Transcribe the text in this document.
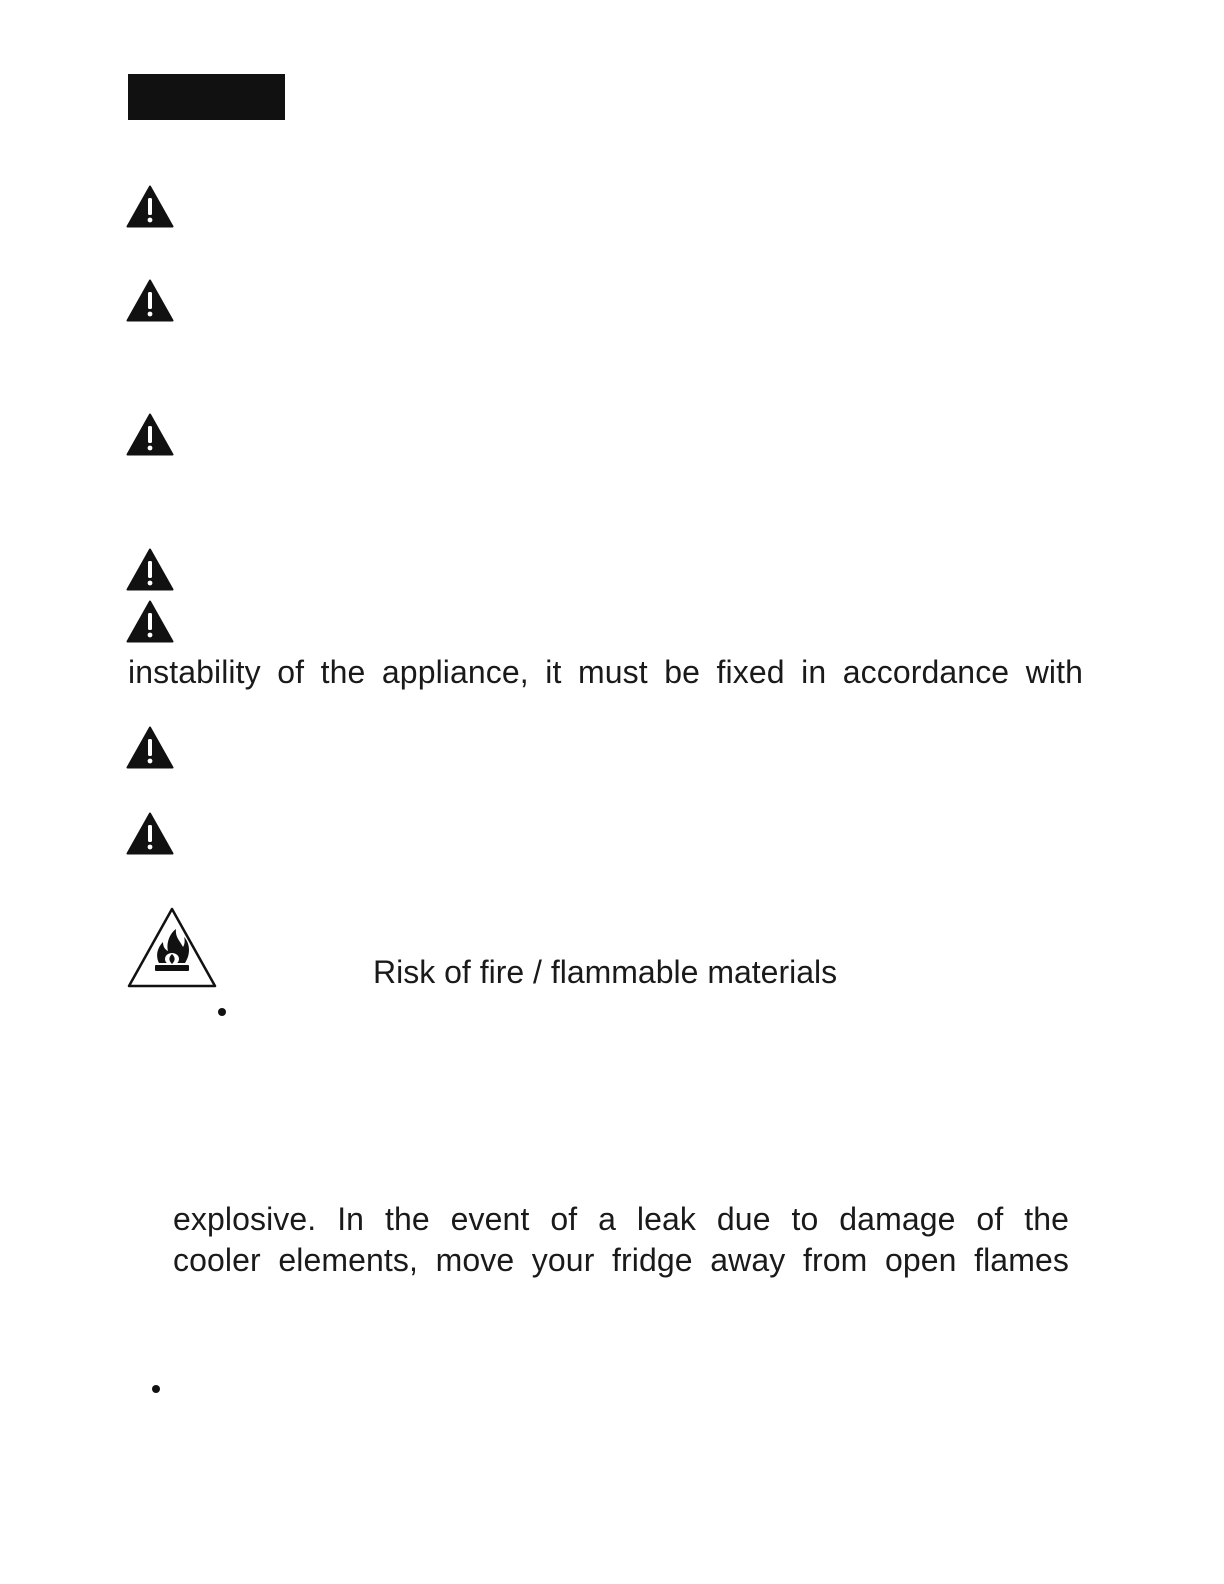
instability of the appliance, it must be fixed in accordance with
Risk of fire / flammable materials
explosive. In the event of a leak due to damage of the
cooler elements, move your fridge away from open flames
